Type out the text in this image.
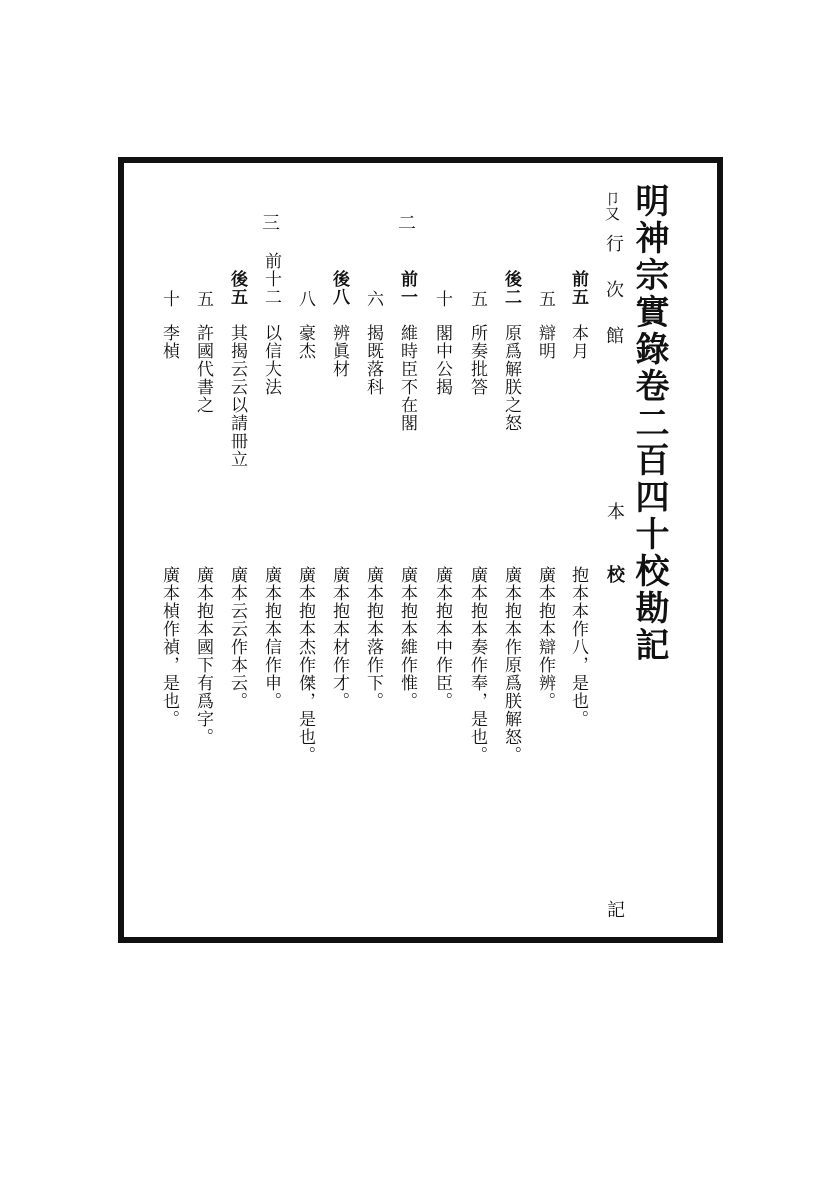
明神宗實錄卷二百四十校勘記
卩又
行次館
本
校
記
二
三
前五
本月
抱本本作八，是也。
五
辯明
廣本抱本辯作辨。
後二
原爲解朕之怒
廣本抱本作原爲朕解怒。
五
所奏批答
廣本抱本奏作奉，是也。
十
閣中公揭
廣本抱本中作臣。
前一
維時臣不在閣
廣本抱本維作惟。
六
揭既落科
廣本抱本落作下。
後八
辨眞材
廣本抱本材作才。
八
豪杰
廣本抱本杰作傑，是也。
前十二
以信大法
廣本抱本信作申。
後五
其揭云云以請冊立
廣本云云作本云。
五
許國代書之
廣本抱本國下有爲字。
十
李楨
廣本楨作禎，是也。
